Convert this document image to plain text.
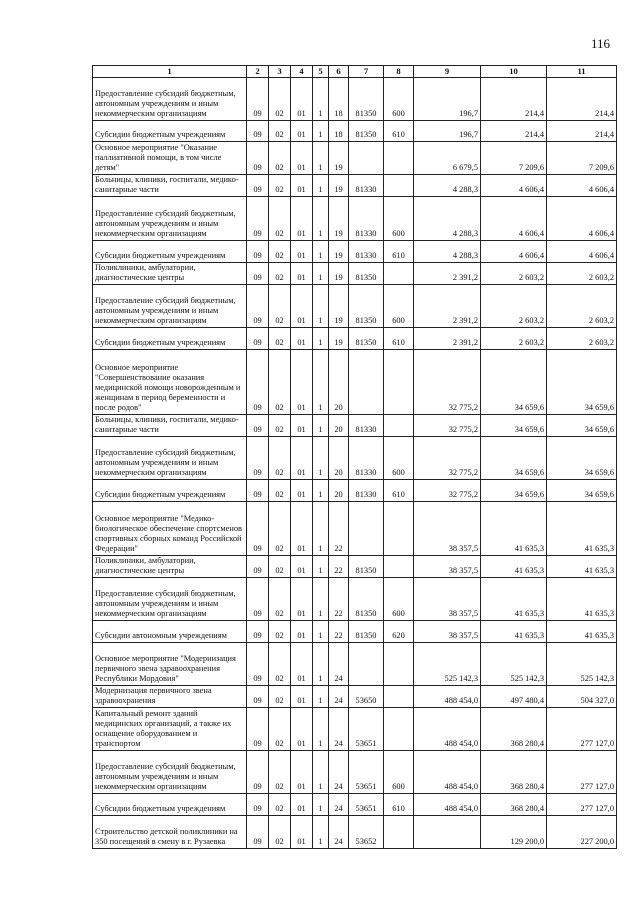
116
1	2	3	4	5	6	7	8	9	10	11
Предоставление субсидий бюджетным, автономным учреждениям и иным некоммерческим организациям	09	02	01	1	18	81350	600	196,7	214,4	214,4
Субсидии бюджетным учреждениям	09	02	01	1	18	81350	610	196,7	214,4	214,4
Основное мероприятие "Оказание паллиативной помощи, в том числе детям"	09	02	01	1	19			6 679,5	7 209,6	7 209,6
Больницы, клиники, госпитали, медико-санитарные части	09	02	01	1	19	81330		4 288,3	4 606,4	4 606,4
Предоставление субсидий бюджетным, автономным учреждениям и иным некоммерческим организациям	09	02	01	1	19	81330	600	4 288,3	4 606,4	4 606,4
Субсидии бюджетным учреждениям	09	02	01	1	19	81330	610	4 288,3	4 606,4	4 606,4
Поликлиники, амбулатории, диагностические центры	09	02	01	1	19	81350		2 391,2	2 603,2	2 603,2
Предоставление субсидий бюджетным, автономным учреждениям и иным некоммерческим организациям	09	02	01	1	19	81350	600	2 391,2	2 603,2	2 603,2
Субсидии бюджетным учреждениям	09	02	01	1	19	81350	610	2 391,2	2 603,2	2 603,2
Основное мероприятие "Совершенствование оказания медицинской помощи новорожденным и женщинам в период беременности и после родов"	09	02	01	1	20			32 775,2	34 659,6	34 659,6
Больницы, клиники, госпитали, медико-санитарные части	09	02	01	1	20	81330		32 775,2	34 659,6	34 659,6
Предоставление субсидий бюджетным, автономным учреждениям и иным некоммерческим организациям	09	02	01	1	20	81330	600	32 775,2	34 659,6	34 659,6
Субсидии бюджетным учреждениям	09	02	01	1	20	81330	610	32 775,2	34 659,6	34 659,6
Основное мероприятие "Медико-биологическое обеспечение спортсменов спортивных сборных команд Российской Федерации"	09	02	01	1	22			38 357,5	41 635,3	41 635,3
Поликлиники, амбулатории, диагностические центры	09	02	01	1	22	81350		38 357,5	41 635,3	41 635,3
Предоставление субсидий бюджетным, автономным учреждениям и иным некоммерческим организациям	09	02	01	1	22	81350	600	38 357,5	41 635,3	41 635,3
Субсидии автономным учреждениям	09	02	01	1	22	81350	620	38 357,5	41 635,3	41 635,3
Основное мероприятие "Модернизация первичного звена здравоохранения Республики Мордовия"	09	02	01	1	24			525 142,3	525 142,3	525 142,3
Модернизация первичного звена здравоохранения	09	02	01	1	24	53650		488 454,0	497 480,4	504 327,0
Капитальный ремонт зданий медицинских организаций, а также их оснащение оборудованием и транспортом	09	02	01	1	24	53651		488 454,0	368 280,4	277 127,0
Предоставление субсидий бюджетным, автономным учреждениям и иным некоммерческим организациям	09	02	01	1	24	53651	600	488 454,0	368 280,4	277 127,0
Субсидии бюджетным учреждениям	09	02	01	1	24	53651	610	488 454,0	368 280,4	277 127,0
Строительство детской поликлиники на 350 посещений в смену в г. Рузаевка	09	02	01	1	24	53652			129 200,0	227 200,0
